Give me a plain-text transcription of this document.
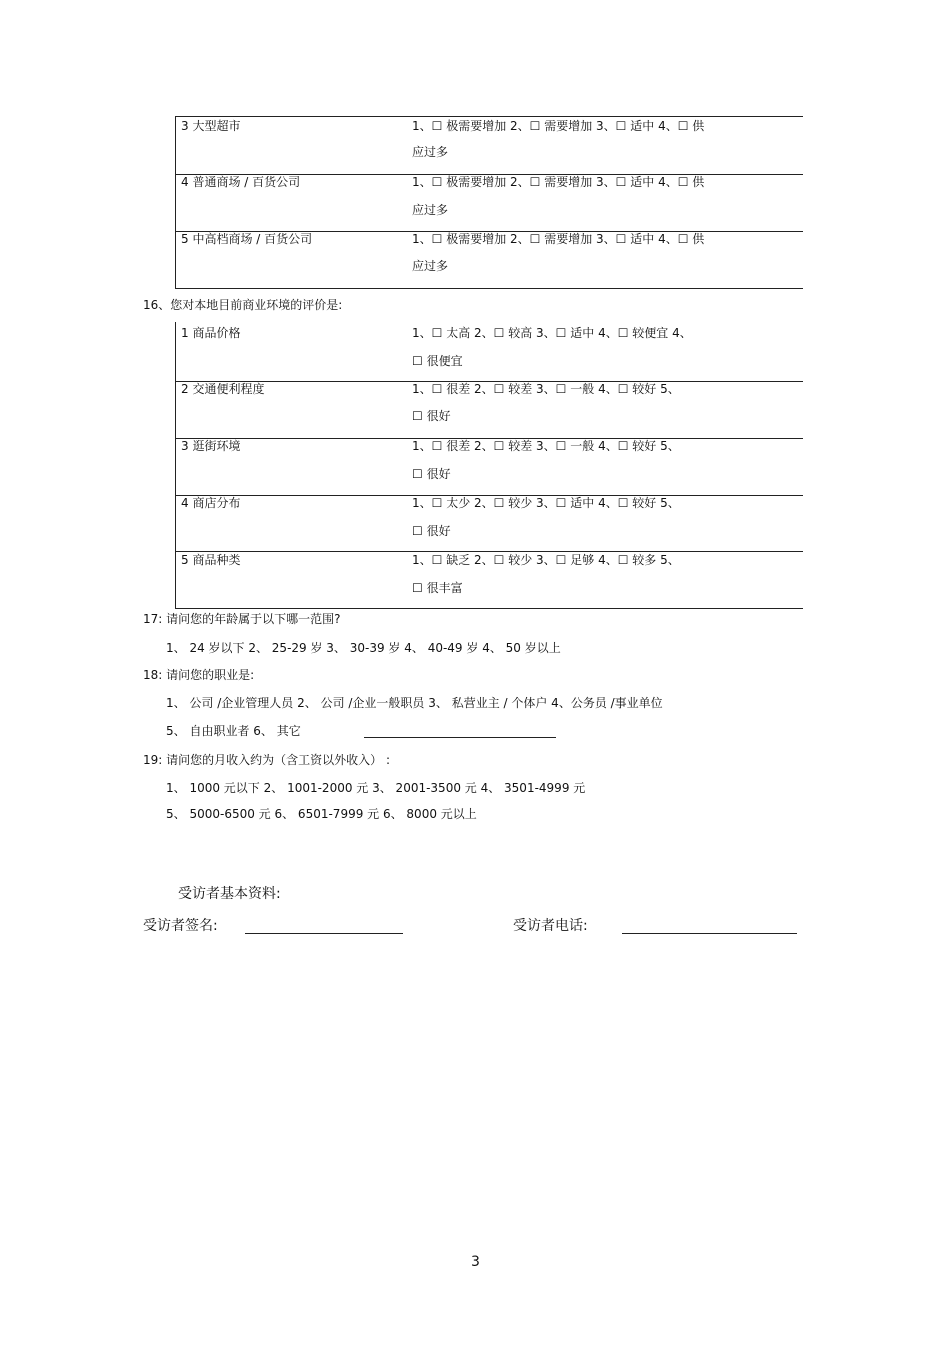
3 大型超市	1、☐ 极需要增加 2、☐ 需要增加 3、☐ 适中 4、☐ 供
应过多
4 普通商场 / 百货公司	1、☐ 极需要增加 2、☐ 需要增加 3、☐ 适中 4、☐ 供
应过多
5 中高档商场 / 百货公司	1、☐ 极需要增加 2、☐ 需要增加 3、☐ 适中 4、☐ 供
应过多
16、您对本地目前商业环境的评价是:
1 商品价格	1、☐ 太高 2、☐ 较高 3、☐ 适中 4、☐ 较便宜 4、
☐ 很便宜
2 交通便利程度	1、☐ 很差 2、☐ 较差 3、☐ 一般 4、☐ 较好 5、
☐ 很好
3 逛街环境	1、☐ 很差 2、☐ 较差 3、☐ 一般 4、☐ 较好 5、
☐ 很好
4 商店分布	1、☐ 太少 2、☐ 较少 3、☐ 适中 4、☐ 较好 5、
☐ 很好
5 商品种类	1、☐ 缺乏 2、☐ 较少 3、☐ 足够 4、☐ 较多 5、
☐ 很丰富
17: 请问您的年龄属于以下哪一范围?
1、 24 岁以下 2、 25-29 岁 3、 30-39 岁 4、 40-49 岁 4、 50 岁以上
18: 请问您的职业是:
1、 公司 /企业管理人员 2、 公司 /企业一般职员 3、 私营业主 / 个体户 4、公务员 /事业单位
5、 自由职业者 6、 其它
19: 请问您的月收入约为（含工资以外收入） :
1、 1000 元以下 2、 1001-2000 元 3、 2001-3500 元 4、 3501-4999 元
5、 5000-6500 元 6、 6501-7999 元 6、 8000 元以上
受访者基本资料:
受访者签名:	受访者电话:
3
